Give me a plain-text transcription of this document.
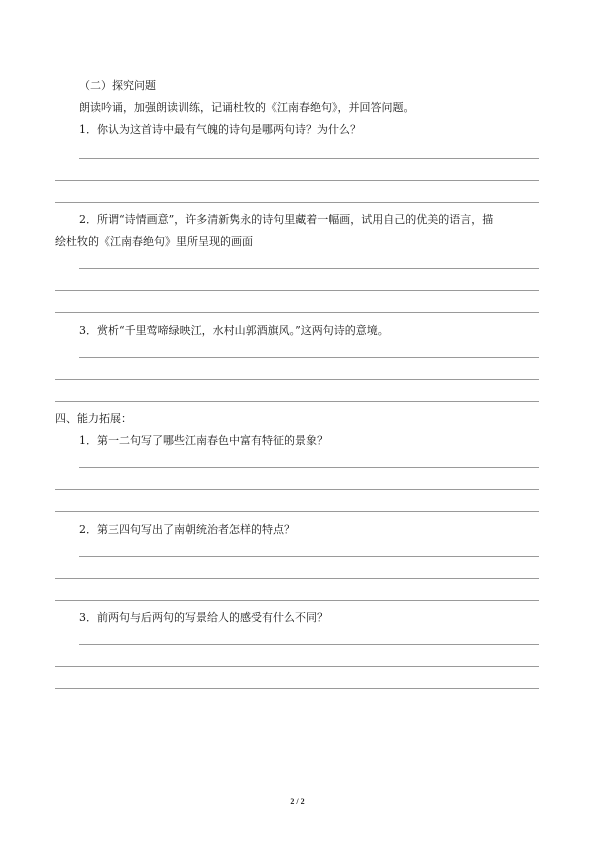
（二）探究问题
朗读吟诵，加强朗读训练，记诵杜牧的《江南春绝句》，并回答问题。
1．你认为这首诗中最有气魄的诗句是哪两句诗？为什么？
2．所谓“诗情画意”，许多清新隽永的诗句里藏着一幅画，试用自己的优美的语言，描
绘杜牧的《江南春绝句》里所呈现的画面
3．赏析“千里莺啼绿映江，水村山郭酒旗风。”这两句诗的意境。
四、能力拓展：
1．第一二句写了哪些江南春色中富有特征的景象？
2．第三四句写出了南朝统治者怎样的特点？
3．前两句与后两句的写景给人的感受有什么不同？
2 / 2
